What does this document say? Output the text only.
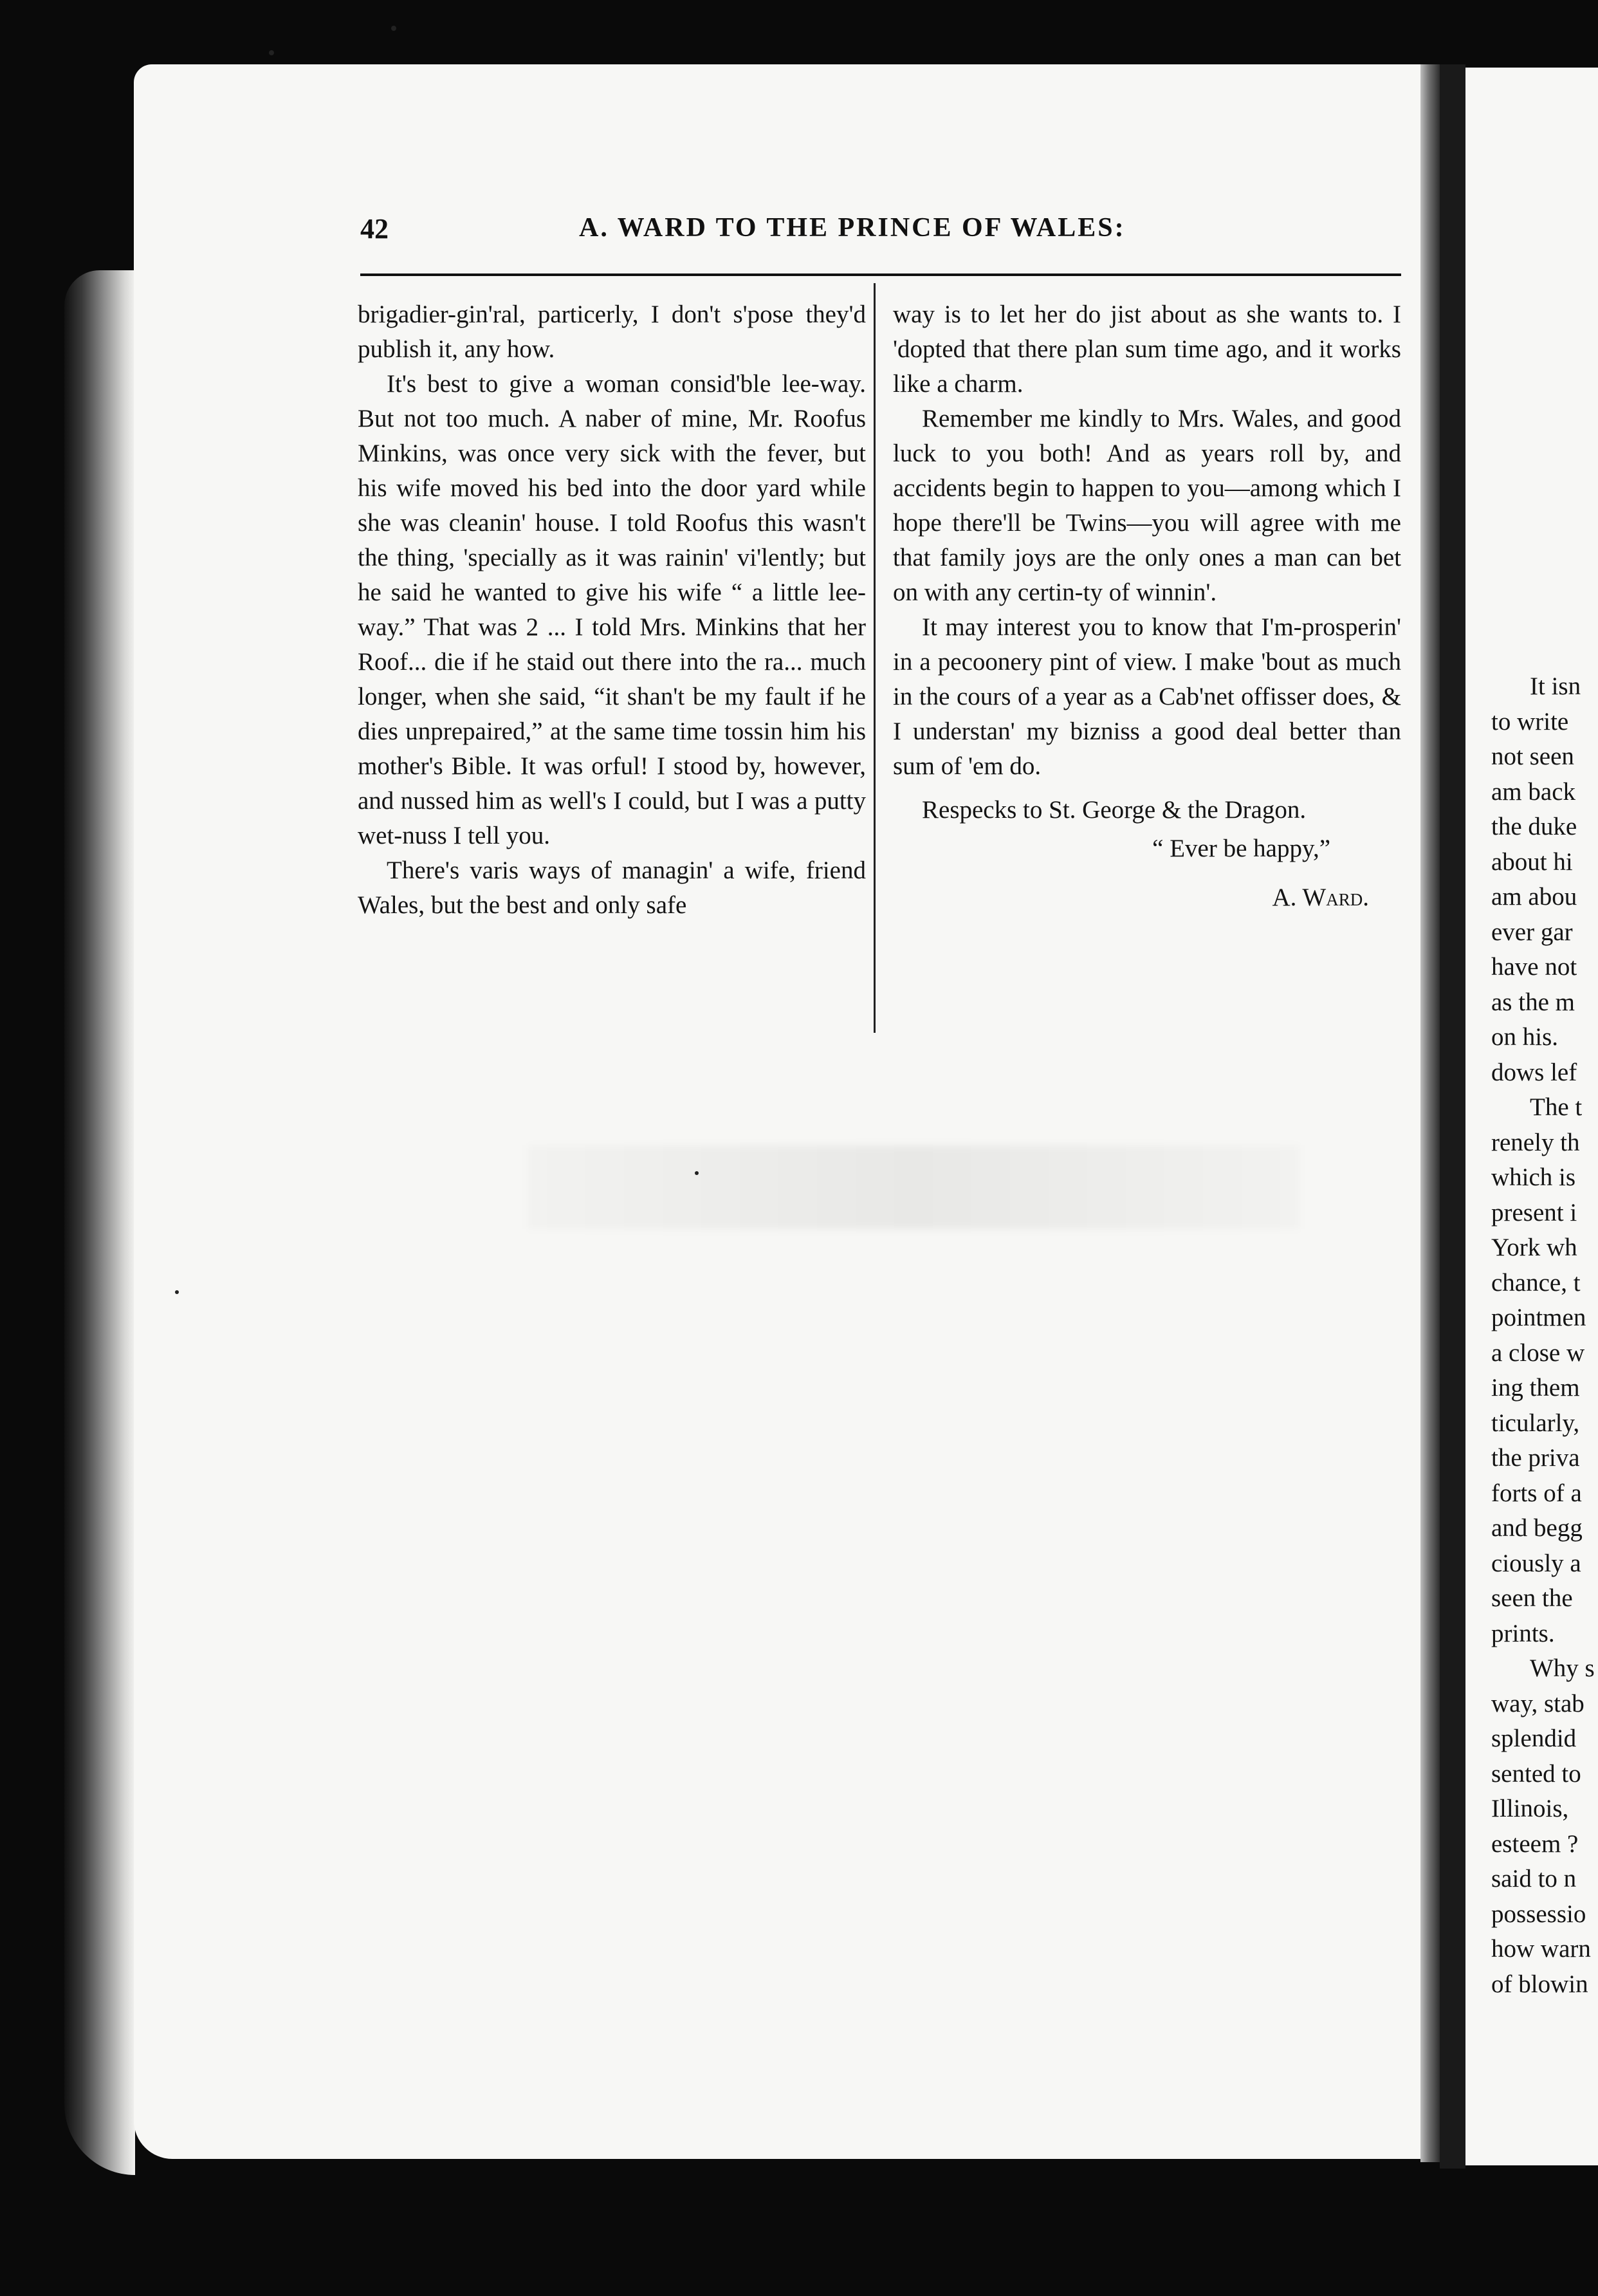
42	A. WARD TO THE PRINCE OF WALES:

brigadier-gin'ral, particerly, I don't s'pose they'd publish it, any how.

It's best to give a woman consid'ble lee-way. But not too much. A naber of mine, Mr. Roofus Minkins, was once very sick with the fever, but his wife moved his bed into the door yard while she was cleanin' house. I told Roofus this wasn't the thing, 'specially as it was rainin' vi'lently; but he said he wanted to give his wife “ a little lee-way.” That was 2 ... I told Mrs. Minkins that her Roof... die if he staid out there into the ra... much longer, when she said, “it shan't be my fault if he dies unprepaired,” at the same time tossin him his mother's Bible. It was orful! I stood by, however, and nussed him as well's I could, but I was a putty wet-nuss I tell you.

There's varis ways of managin' a wife, friend Wales, but the best and only safe

way is to let her do jist about as she wants to. I 'dopted that there plan sum time ago, and it works like a charm.

Remember me kindly to Mrs. Wales, and good luck to you both! And as years roll by, and accidents begin to happen to you—among which I hope there'll be Twins—you will agree with me that family joys are the only ones a man can bet on with any certin-ty of winnin'.

It may interest you to know that I'm-prosperin' in a pecoonery pint of view. I make 'bout as much in the cours of a year as a Cab'net offisser does, & I understan' my bizniss a good deal better than sum of 'em do.

Respecks to St. George & the Dragon.

“ Ever be happy,”

A. Ward.

It isn
to write
not seen
am back
the duke
about hi
am abou
ever gar
have not
as the m
on his.
dows lef
The t
renely th
which is
present i
York wh
chance, t
pointmen
a close w
ing them
ticularly,
the priva
forts of a
and begg
ciously a
seen the
prints.
Why s
way, stab
splendid
sented to
Illinois,
esteem ?
said to n
possessio
how warn
of blowin
